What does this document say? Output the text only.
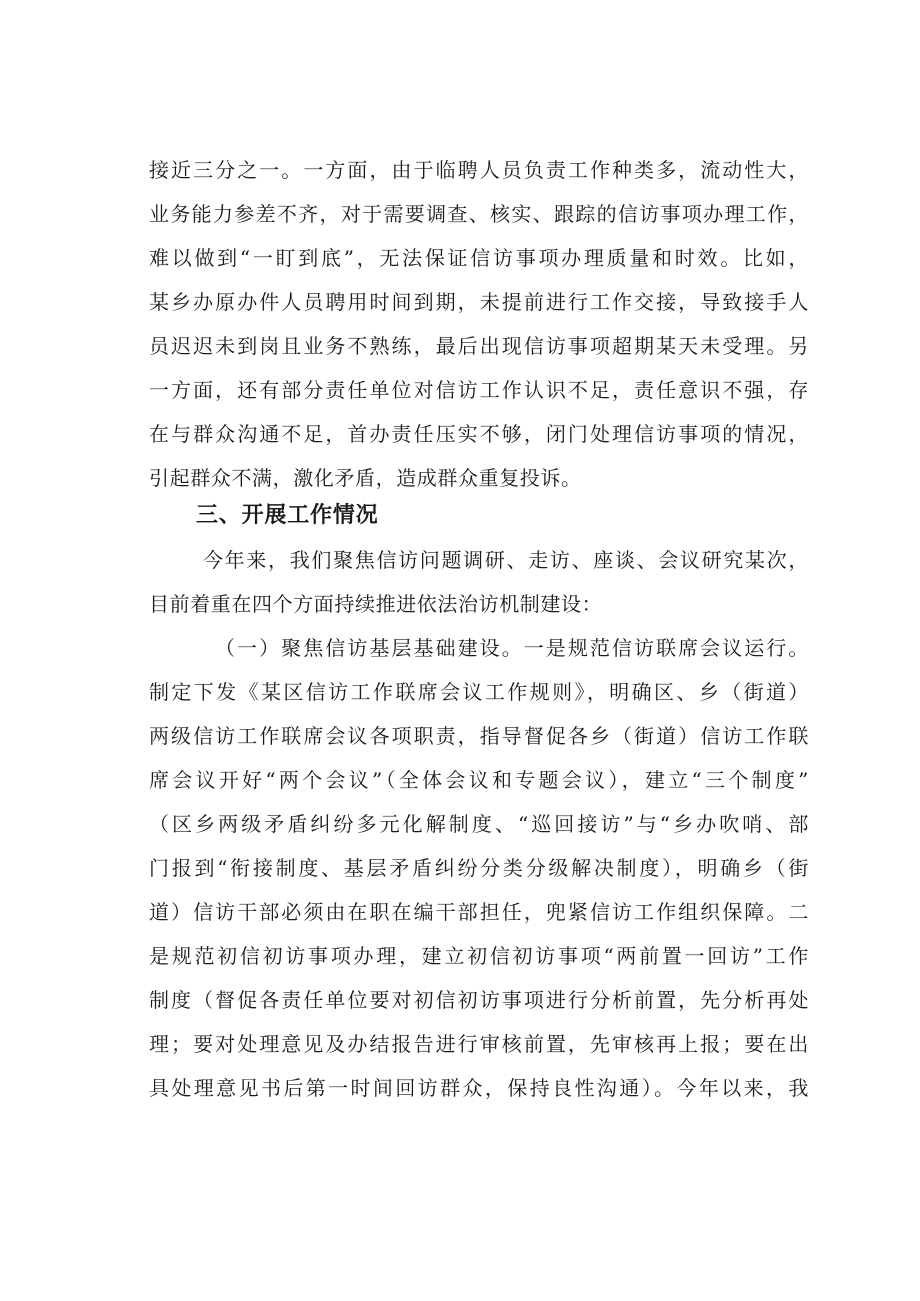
接近三分之一。一方面，由于临聘人员负责工作种类多，流动性大，
业务能力参差不齐，对于需要调查、核实、跟踪的信访事项办理工作，
难以做到“一盯到底”，无法保证信访事项办理质量和时效。比如，
某乡办原办件人员聘用时间到期，未提前进行工作交接，导致接手人
员迟迟未到岗且业务不熟练，最后出现信访事项超期某天未受理。另
一方面，还有部分责任单位对信访工作认识不足，责任意识不强，存
在与群众沟通不足，首办责任压实不够，闭门处理信访事项的情况，
引起群众不满，激化矛盾，造成群众重复投诉。
三、开展工作情况
今年来，我们聚焦信访问题调研、走访、座谈、会议研究某次，
目前着重在四个方面持续推进依法治访机制建设：
（一）聚焦信访基层基础建设。一是规范信访联席会议运行。
制定下发《某区信访工作联席会议工作规则》，明确区、乡（街道）
两级信访工作联席会议各项职责，指导督促各乡（街道）信访工作联
席会议开好“两个会议”（全体会议和专题会议），建立“三个制度”
（区乡两级矛盾纠纷多元化解制度、“巡回接访”与“乡办吹哨、部
门报到“衔接制度、基层矛盾纠纷分类分级解决制度），明确乡（街
道）信访干部必须由在职在编干部担任，兜紧信访工作组织保障。二
是规范初信初访事项办理，建立初信初访事项“两前置一回访”工作
制度（督促各责任单位要对初信初访事项进行分析前置，先分析再处
理；要对处理意见及办结报告进行审核前置，先审核再上报；要在出
具处理意见书后第一时间回访群众，保持良性沟通）。今年以来，我
